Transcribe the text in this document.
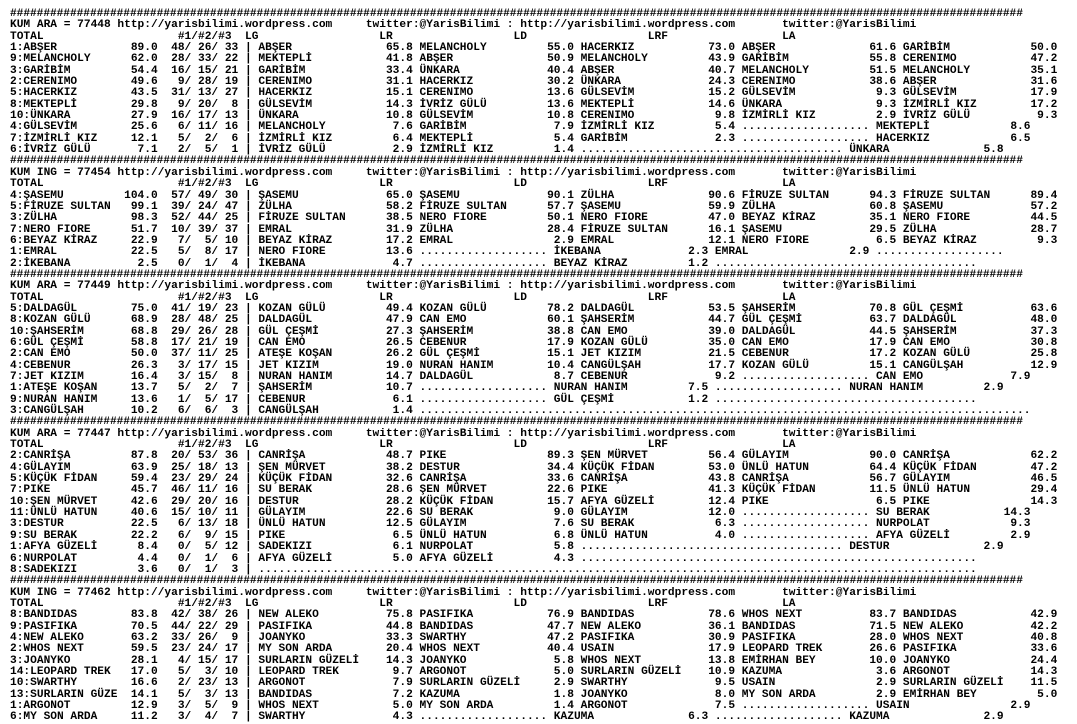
########################################################################################################################################################
KUM ARA = 77448 http://yarisbilimi.wordpress.com     twitter:@YarisBilimi : http://yarisbilimi.wordpress.com       twitter:@YarisBilimi
TOTAL                    #1/#2/#3  LG                  LR                  LD                  LRF                 LA
1:ABŞER           89.0  48/ 26/ 33 | ABŞER              65.8 MELANCHOLY         55.0 HACERKIZ           73.0 ABŞER              61.6 GARİBİM            50.0
9:MELANCHOLY      62.0  28/ 33/ 22 | MEKTEPLİ           41.8 ABŞER              50.9 MELANCHOLY         43.9 GARİBİM            55.8 CERENIMO           47.2
3:GARİBİM         54.4  16/ 15/ 21 | GARİBİM            33.4 ÜNKARA             40.4 ABŞER              40.7 MELANCHOLY         51.5 MELANCHOLY         35.1
2:CERENIMO        49.6   9/ 28/ 19 | CERENIMO           31.1 HACERKIZ           30.2 ÜNKARA             24.3 CERENIMO           38.6 ABŞER              31.6
5:HACERKIZ        43.5  31/ 13/ 27 | HACERKIZ           15.1 CERENIMO           13.6 GÜLSEVİM           15.2 GÜLSEVİM            9.3 GÜLSEVİM           17.9
8:MEKTEPLİ        29.8   9/ 20/  8 | GÜLSEVİM           14.3 İVRİZ GÜLÜ         13.6 MEKTEPLİ           14.6 ÜNKARA              9.3 İZMİRLİ KIZ        17.2
10:ÜNKARA         27.9  16/ 17/ 13 | ÜNKARA             10.8 GÜLSEVİM           10.8 CERENIMO            9.8 İZMİRLİ KIZ         2.9 İVRİZ GÜLÜ          9.3
4:GÜLSEVİM        25.6   6/ 11/ 16 | MELANCHOLY          7.6 GARİBİM             7.9 İZMİRLİ KIZ         5.4 ................... MEKTEPLİ            8.6
7:İZMİRLİ KIZ     12.1   5/  2/  6 | İZMİRLİ KIZ         6.4 MEKTEPLİ            5.4 GARİBİM             2.3 ................... HACERKIZ            6.5
6:İVRİZ GÜLÜ       7.1   2/  5/  1 | İVRİZ GÜLÜ          2.9 İZMİRLİ KIZ         1.4 ....................................... ÜNKARA              5.8
########################################################################################################################################################
KUM ING = 77454 http://yarisbilimi.wordpress.com     twitter:@YarisBilimi : http://yarisbilimi.wordpress.com       twitter:@YarisBilimi
TOTAL                    #1/#2/#3  LG                  LR                  LD                  LRF                 LA
4:ŞASEMU         104.0  57/ 49/ 30 | ŞASEMU             65.0 ŞASEMU             90.1 ZÜLHA              90.6 FİRUZE SULTAN      94.3 FİRUZE SULTAN      89.4
5:FİRUZE SULTAN   99.1  39/ 24/ 47 | ZÜLHA              58.2 FİRUZE SULTAN      57.7 ŞASEMU             59.9 ZÜLHA              60.8 ŞASEMU             57.2
3:ZÜLHA           98.3  52/ 44/ 25 | FİRUZE SULTAN      38.5 NERO FIORE         50.1 NERO FIORE         47.0 BEYAZ KİRAZ        35.1 NERO FIORE         44.5
7:NERO FIORE      51.7  10/ 39/ 37 | EMRAL              31.9 ZÜLHA              28.4 FİRUZE SULTAN      16.1 ŞASEMU             29.5 ZÜLHA              28.7
6:BEYAZ KİRAZ     22.9   7/  5/ 10 | BEYAZ KİRAZ        17.2 EMRAL               2.9 EMRAL              12.1 NERO FIORE          6.5 BEYAZ KİRAZ         9.3
1:EMRAL           22.5   5/  8/ 17 | NERO FIORE         13.6 ................... İKEBANA             2.3 EMRAL               2.9 ...................
2:İKEBANA          2.5   0/  1/  4 | İKEBANA             4.7 ................... BEYAZ KİRAZ         1.2 .......................................
########################################################################################################################################################
KUM ARA = 77449 http://yarisbilimi.wordpress.com     twitter:@YarisBilimi : http://yarisbilimi.wordpress.com       twitter:@YarisBilimi
TOTAL                    #1/#2/#3  LG                  LR                  LD                  LRF                 LA
5:DALDAGÜL        75.0  41/ 19/ 23 | KOZAN GÜLÜ         49.4 KOZAN GÜLÜ         78.2 DALDAGÜL           53.5 ŞAHSERİM           70.8 GÜL ÇEŞMİ          63.6
8:KOZAN GÜLÜ      68.9  28/ 48/ 25 | DALDAGÜL           47.9 CAN EMO            60.1 ŞAHSERİM           44.7 GÜL ÇEŞMİ          63.7 DALDAGÜL           48.0
10:ŞAHSERİM       68.8  29/ 26/ 28 | GÜL ÇEŞMİ          27.3 ŞAHSERİM           38.8 CAN EMO            39.0 DALDAGÜL           44.5 ŞAHSERİM           37.3
6:GÜL ÇEŞMİ       58.8  17/ 21/ 19 | CAN EMO            26.5 CEBENUR            17.9 KOZAN GÜLÜ         35.0 CAN EMO            17.9 CAN EMO            30.8
2:CAN EMO         50.0  37/ 11/ 25 | ATEŞE KOŞAN        26.2 GÜL ÇEŞMİ          15.1 JET KIZIM          21.5 CEBENUR            17.2 KOZAN GÜLÜ         25.8
4:CEBENUR         26.3   3/ 17/ 15 | JET KIZIM          19.0 NURAN HANIM        10.4 CANGÜLŞAH          17.7 KOZAN GÜLÜ         15.1 CANGÜLŞAH          12.9
7:JET KIZIM       16.4   3/ 15/  8 | NURAN HANIM        14.7 DALDAGÜL            8.7 CEBENUR             9.2 ................... CAN EMO             7.9
1:ATEŞE KOŞAN     13.7   5/  2/  7 | ŞAHSERİM           10.7 ................... NURAN HANIM         7.5 ................... NURAN HANIM         2.9
9:NURAN HANIM     13.6   1/  5/ 17 | CEBENUR             6.1 ................... GÜL ÇEŞMİ           1.2 .......................................
3:CANGÜLŞAH       10.2   6/  6/  3 | CANGÜLŞAH           1.4 ...........................................................................................
########################################################################################################################################################
KUM ARA = 77447 http://yarisbilimi.wordpress.com     twitter:@YarisBilimi : http://yarisbilimi.wordpress.com       twitter:@YarisBilimi
TOTAL                    #1/#2/#3  LG                  LR                  LD                  LRF                 LA
2:CANRİŞA         87.8  20/ 53/ 36 | CANRİŞA            48.7 PIKE               89.3 ŞEN MÜRVET         56.4 GÜLAYIM            90.0 CANRİŞA            62.2
4:GÜLAYIM         63.9  25/ 18/ 13 | ŞEN MÜRVET         38.2 DESTUR             34.4 KÜÇÜK FİDAN        53.0 ÜNLÜ HATUN         64.4 KÜÇÜK FİDAN        47.2
5:KÜÇÜK FİDAN     59.4  23/ 29/ 24 | KÜÇÜK FİDAN        32.6 CANRİŞA            33.6 CANRİŞA            43.8 CANRİŞA            56.7 GÜLAYIM            46.5
7:PIKE            45.7  46/ 11/ 16 | SU BERAK           28.6 ŞEN MÜRVET         22.6 PIKE               41.3 KÜÇÜK FİDAN        11.5 ÜNLÜ HATUN         29.4
10:ŞEN MÜRVET     42.6  29/ 20/ 16 | DESTUR             28.2 KÜÇÜK FİDAN        15.7 AFYA GÜZELİ        12.4 PIKE                6.5 PIKE               14.3
11:ÜNLÜ HATUN     40.6  15/ 10/ 11 | GÜLAYIM            22.6 SU BERAK            9.0 GÜLAYIM            12.0 ................... SU BERAK           14.3
3:DESTUR          22.5   6/ 13/ 18 | ÜNLÜ HATUN         12.5 GÜLAYIM             7.6 SU BERAK            6.3 ................... NURPOLAT            9.3
9:SU BERAK        22.2   6/  9/ 15 | PIKE                6.5 ÜNLÜ HATUN          6.8 ÜNLÜ HATUN          4.0 ................... AFYA GÜZELİ         2.9
1:AFYA GÜZELİ      8.4   0/  5/ 12 | SADEKIZI            6.1 NURPOLAT            5.8 ....................................... DESTUR              2.9
6:NURPOLAT         4.4   0/  1/  6 | AFYA GÜZELİ         5.0 AFYA GÜZELİ         4.3 ...........................................................
8:SADEKIZI         3.6   0/  1/  3 | ...........................................................................................................
########################################################################################################################################################
KUM ING = 77462 http://yarisbilimi.wordpress.com     twitter:@YarisBilimi : http://yarisbilimi.wordpress.com       twitter:@YarisBilimi
TOTAL                    #1/#2/#3  LG                  LR                  LD                  LRF                 LA
8:BANDIDAS        83.8  42/ 38/ 26 | NEW ALEKO          75.8 PASIFIKA           76.9 BANDIDAS           78.6 WHOS NEXT          83.7 BANDIDAS           42.9
9:PASIFIKA        70.5  44/ 22/ 29 | PASIFIKA           44.8 BANDIDAS           47.7 NEW ALEKO          36.1 BANDIDAS           71.5 NEW ALEKO          42.2
4:NEW ALEKO       63.2  33/ 26/  9 | JOANYKO            33.3 SWARTHY            47.2 PASIFIKA           30.9 PASIFIKA           28.0 WHOS NEXT          40.8
2:WHOS NEXT       59.5  23/ 24/ 17 | MY SON ARDA        20.4 WHOS NEXT          40.4 USAIN              17.9 LEOPARD TREK       26.6 PASIFIKA           33.6
3:JOANYKO         28.1   4/ 15/ 17 | SURLARIN GÜZELİ    14.3 JOANYKO             5.8 WHOS NEXT          13.8 EMİRHAN BEY        10.0 JOANYKO            24.4
14:LEOPARD TREK   17.0   5/  3/ 10 | LEOPARD TREK        9.7 ARGONOT             5.0 SURLARIN GÜZELİ    10.9 KAZUMA              3.6 ARGONOT            14.3
10:SWARTHY        16.6   2/ 23/ 13 | ARGONOT             7.9 SURLARIN GÜZELİ     2.9 SWARTHY             9.5 USAIN               2.9 SURLARIN GÜZELİ    11.5
13:SURLARIN GÜZE  14.1   5/  3/ 13 | BANDIDAS            7.2 KAZUMA              1.8 JOANYKO             8.0 MY SON ARDA         2.9 EMİRHAN BEY         5.0
1:ARGONOT         12.9   3/  5/  9 | WHOS NEXT           5.0 MY SON ARDA         1.4 ARGONOT             7.5 ................... USAIN               2.9
6:MY SON ARDA     11.2   3/  4/  7 | SWARTHY             4.3 ................... KAZUMA              6.3 ................... KAZUMA              2.9
